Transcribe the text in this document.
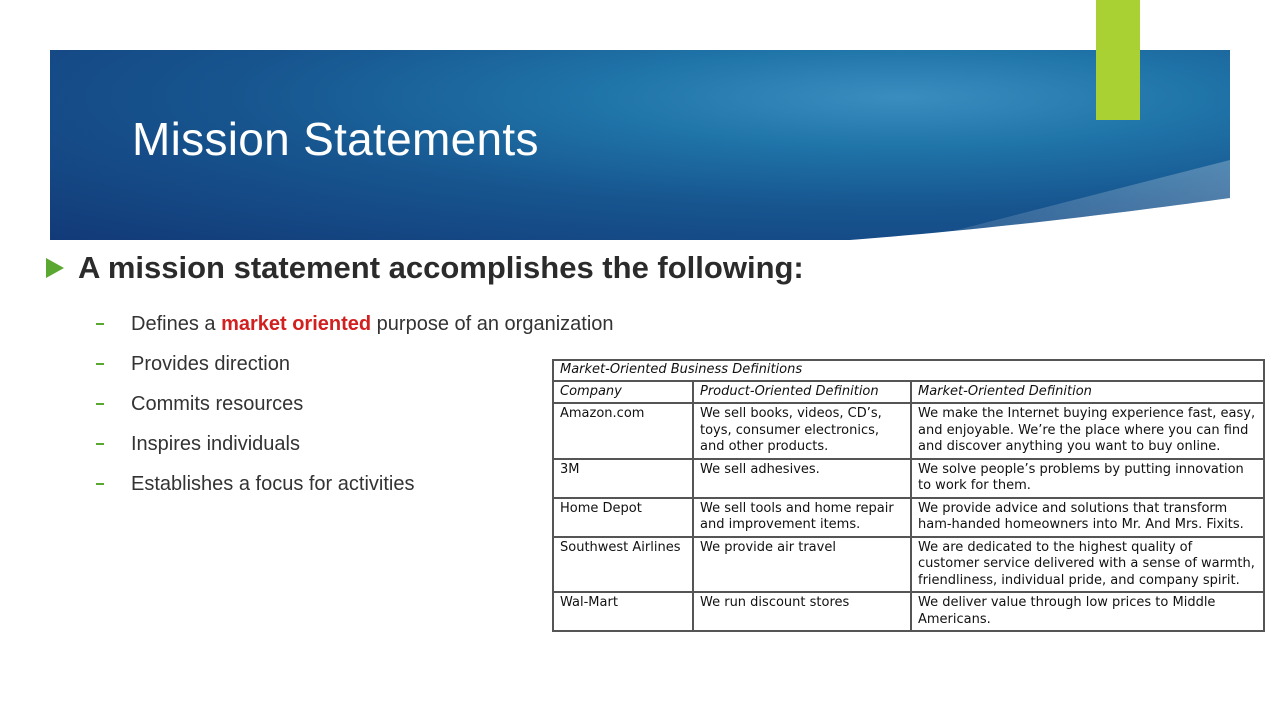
Mission Statements
A mission statement accomplishes the following:
Defines a market oriented purpose of an organization
Provides direction
Commits resources
Inspires individuals
Establishes a focus for activities
Market-Oriented Business Definitions		
Company	Product-Oriented Definition	Market-Oriented Definition
Amazon.com	We sell books, videos, CD’s, toys, consumer electronics, and other products.	We make the Internet buying experience fast, easy, and enjoyable. We’re the place where you can find and discover anything you want to buy online.
3M	We sell adhesives.	We solve people’s problems by putting innovation to work for them.
Home Depot	We sell tools and home repair and improvement items.	We provide advice and solutions that transform ham-handed homeowners into Mr. And Mrs. Fixits.
Southwest Airlines	We provide air travel	We are dedicated to the highest quality of customer service delivered with a sense of warmth, friendliness, individual pride, and company spirit.
Wal-Mart	We run discount stores	We deliver value through low prices to Middle Americans.
